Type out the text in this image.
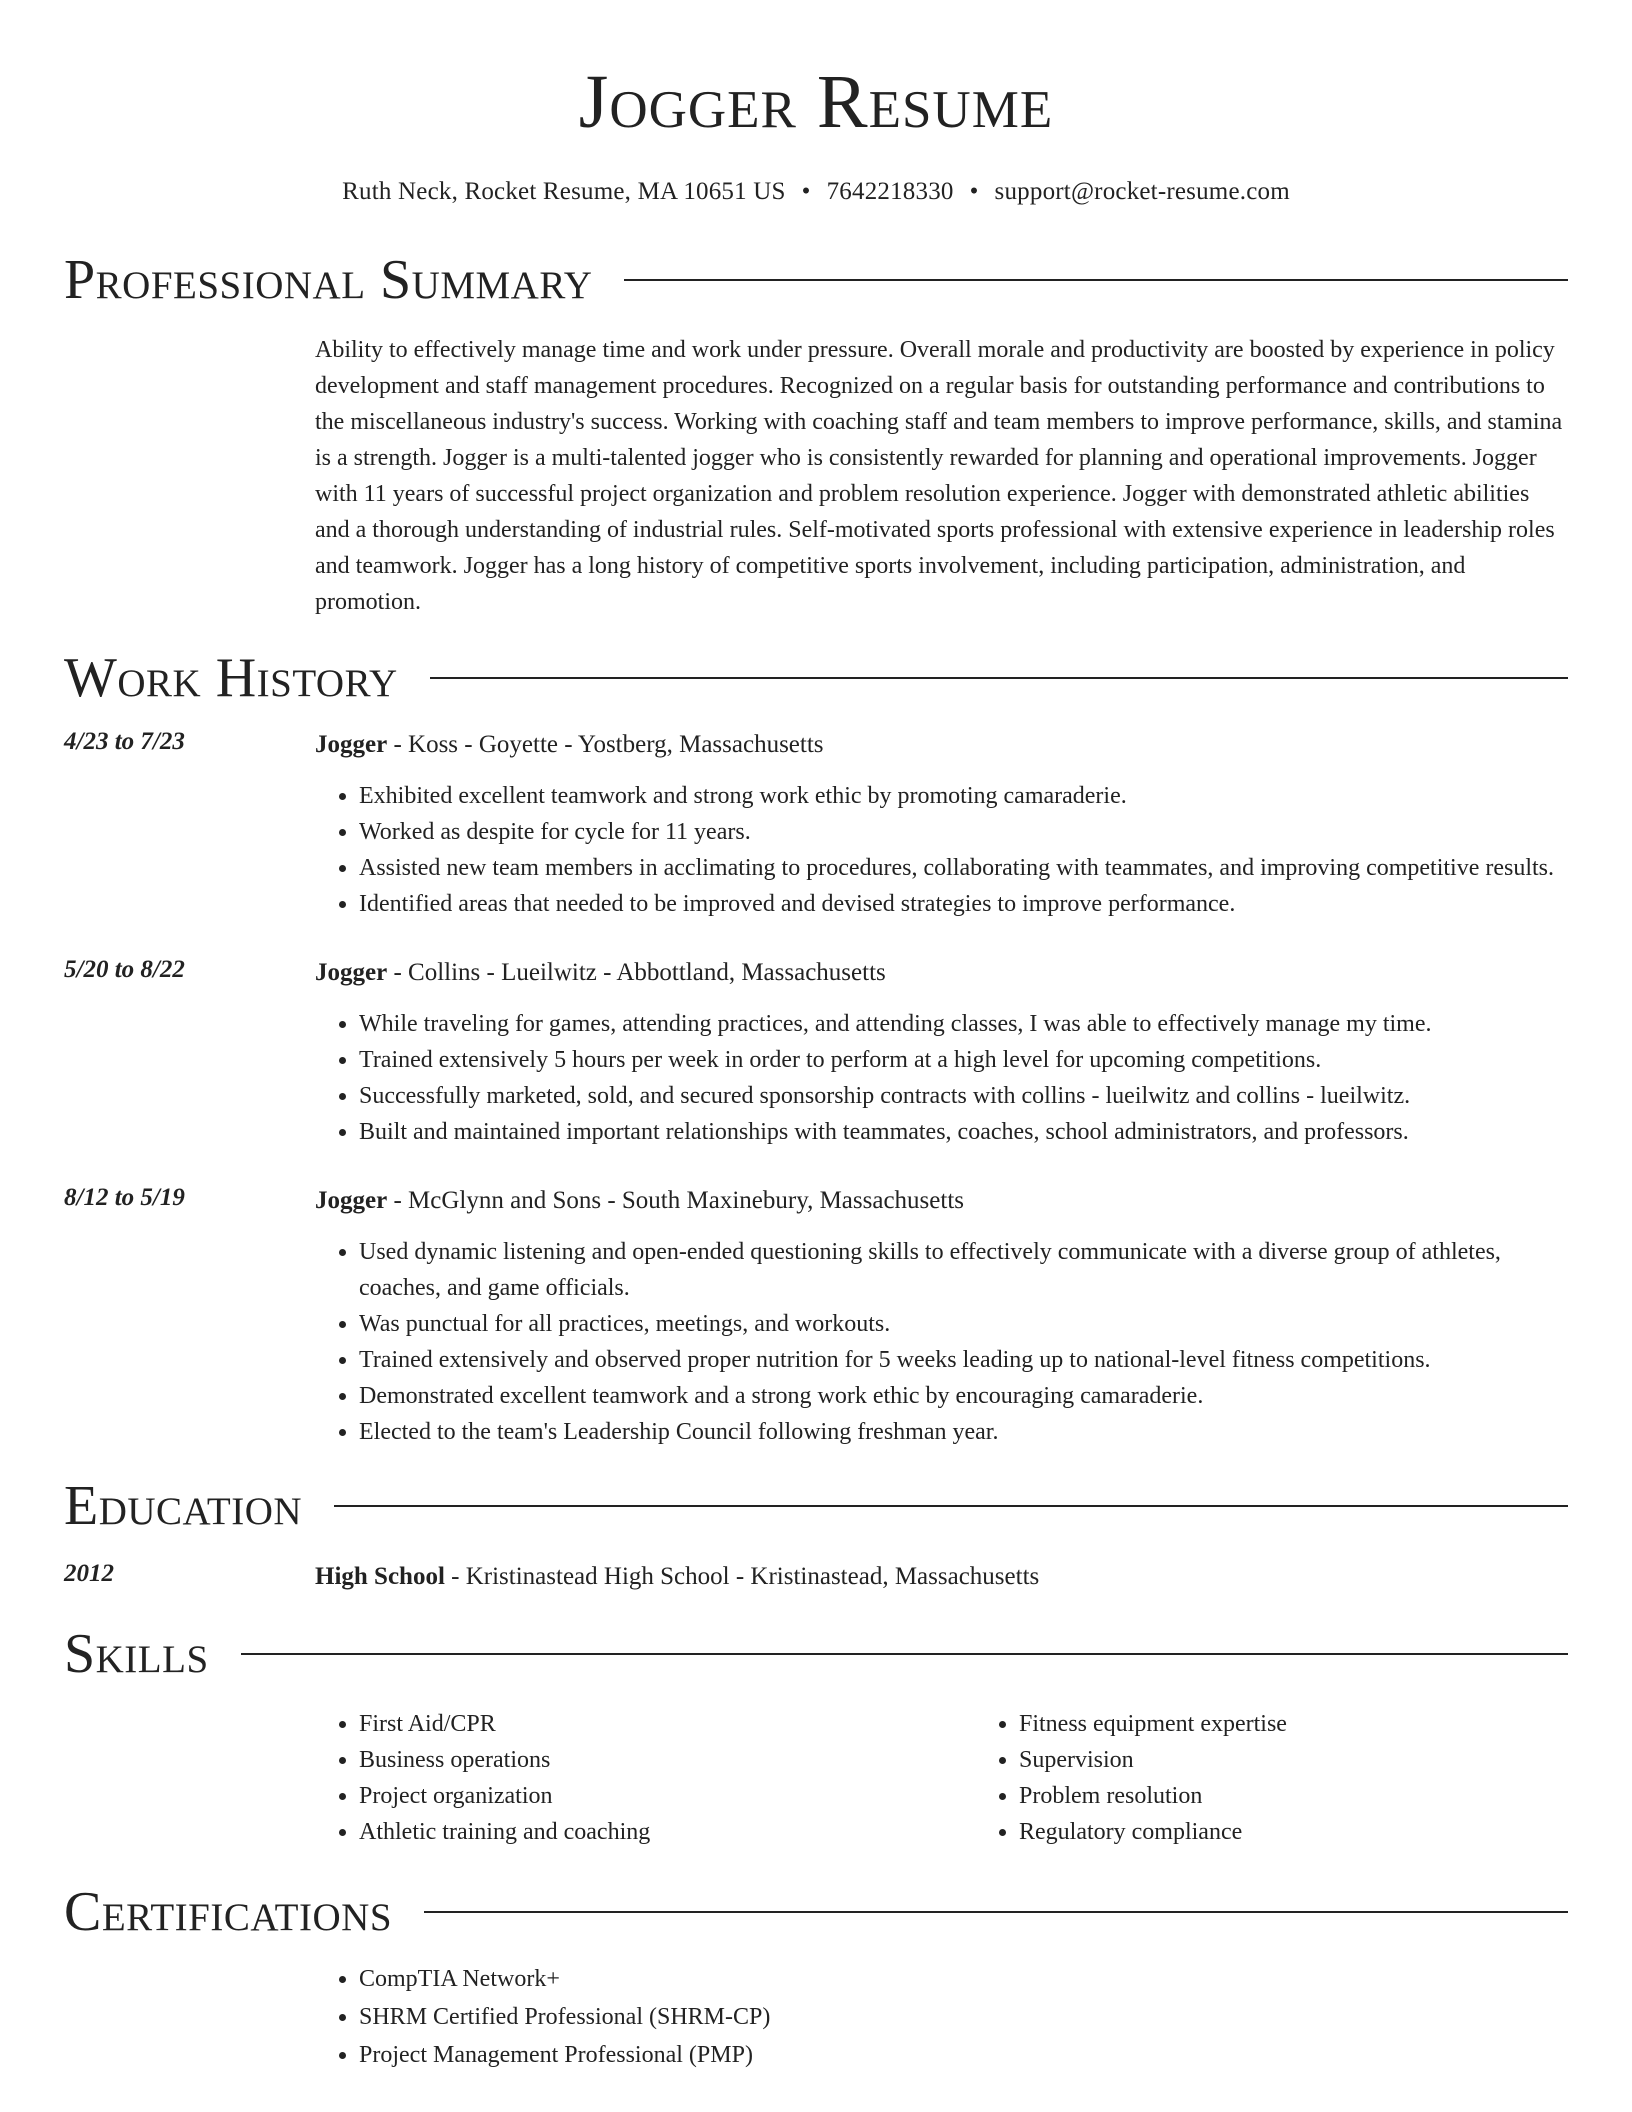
Jogger Resume
Ruth Neck, Rocket Resume, MA 10651 US • 7642218330 • support@rocket-resume.com
Professional Summary
Ability to effectively manage time and work under pressure. Overall morale and productivity are boosted by experience in policy development and staff management procedures. Recognized on a regular basis for outstanding performance and contributions to the miscellaneous industry's success. Working with coaching staff and team members to improve performance, skills, and stamina is a strength. Jogger is a multi-talented jogger who is consistently rewarded for planning and operational improvements. Jogger with 11 years of successful project organization and problem resolution experience. Jogger with demonstrated athletic abilities and a thorough understanding of industrial rules. Self-motivated sports professional with extensive experience in leadership roles and teamwork. Jogger has a long history of competitive sports involvement, including participation, administration, and promotion.
Work History
4/23 to 7/23	Jogger - Koss - Goyette - Yostberg, Massachusetts
• Exhibited excellent teamwork and strong work ethic by promoting camaraderie.
• Worked as despite for cycle for 11 years.
• Assisted new team members in acclimating to procedures, collaborating with teammates, and improving competitive results.
• Identified areas that needed to be improved and devised strategies to improve performance.
5/20 to 8/22	Jogger - Collins - Lueilwitz - Abbottland, Massachusetts
• While traveling for games, attending practices, and attending classes, I was able to effectively manage my time.
• Trained extensively 5 hours per week in order to perform at a high level for upcoming competitions.
• Successfully marketed, sold, and secured sponsorship contracts with collins - lueilwitz and collins - lueilwitz.
• Built and maintained important relationships with teammates, coaches, school administrators, and professors.
8/12 to 5/19	Jogger - McGlynn and Sons - South Maxinebury, Massachusetts
• Used dynamic listening and open-ended questioning skills to effectively communicate with a diverse group of athletes, coaches, and game officials.
• Was punctual for all practices, meetings, and workouts.
• Trained extensively and observed proper nutrition for 5 weeks leading up to national-level fitness competitions.
• Demonstrated excellent teamwork and a strong work ethic by encouraging camaraderie.
• Elected to the team's Leadership Council following freshman year.
Education
2012	High School - Kristinastead High School - Kristinastead, Massachusetts
Skills
• First Aid/CPR
• Business operations
• Project organization
• Athletic training and coaching
• Fitness equipment expertise
• Supervision
• Problem resolution
• Regulatory compliance
Certifications
• CompTIA Network+
• SHRM Certified Professional (SHRM-CP)
• Project Management Professional (PMP)
